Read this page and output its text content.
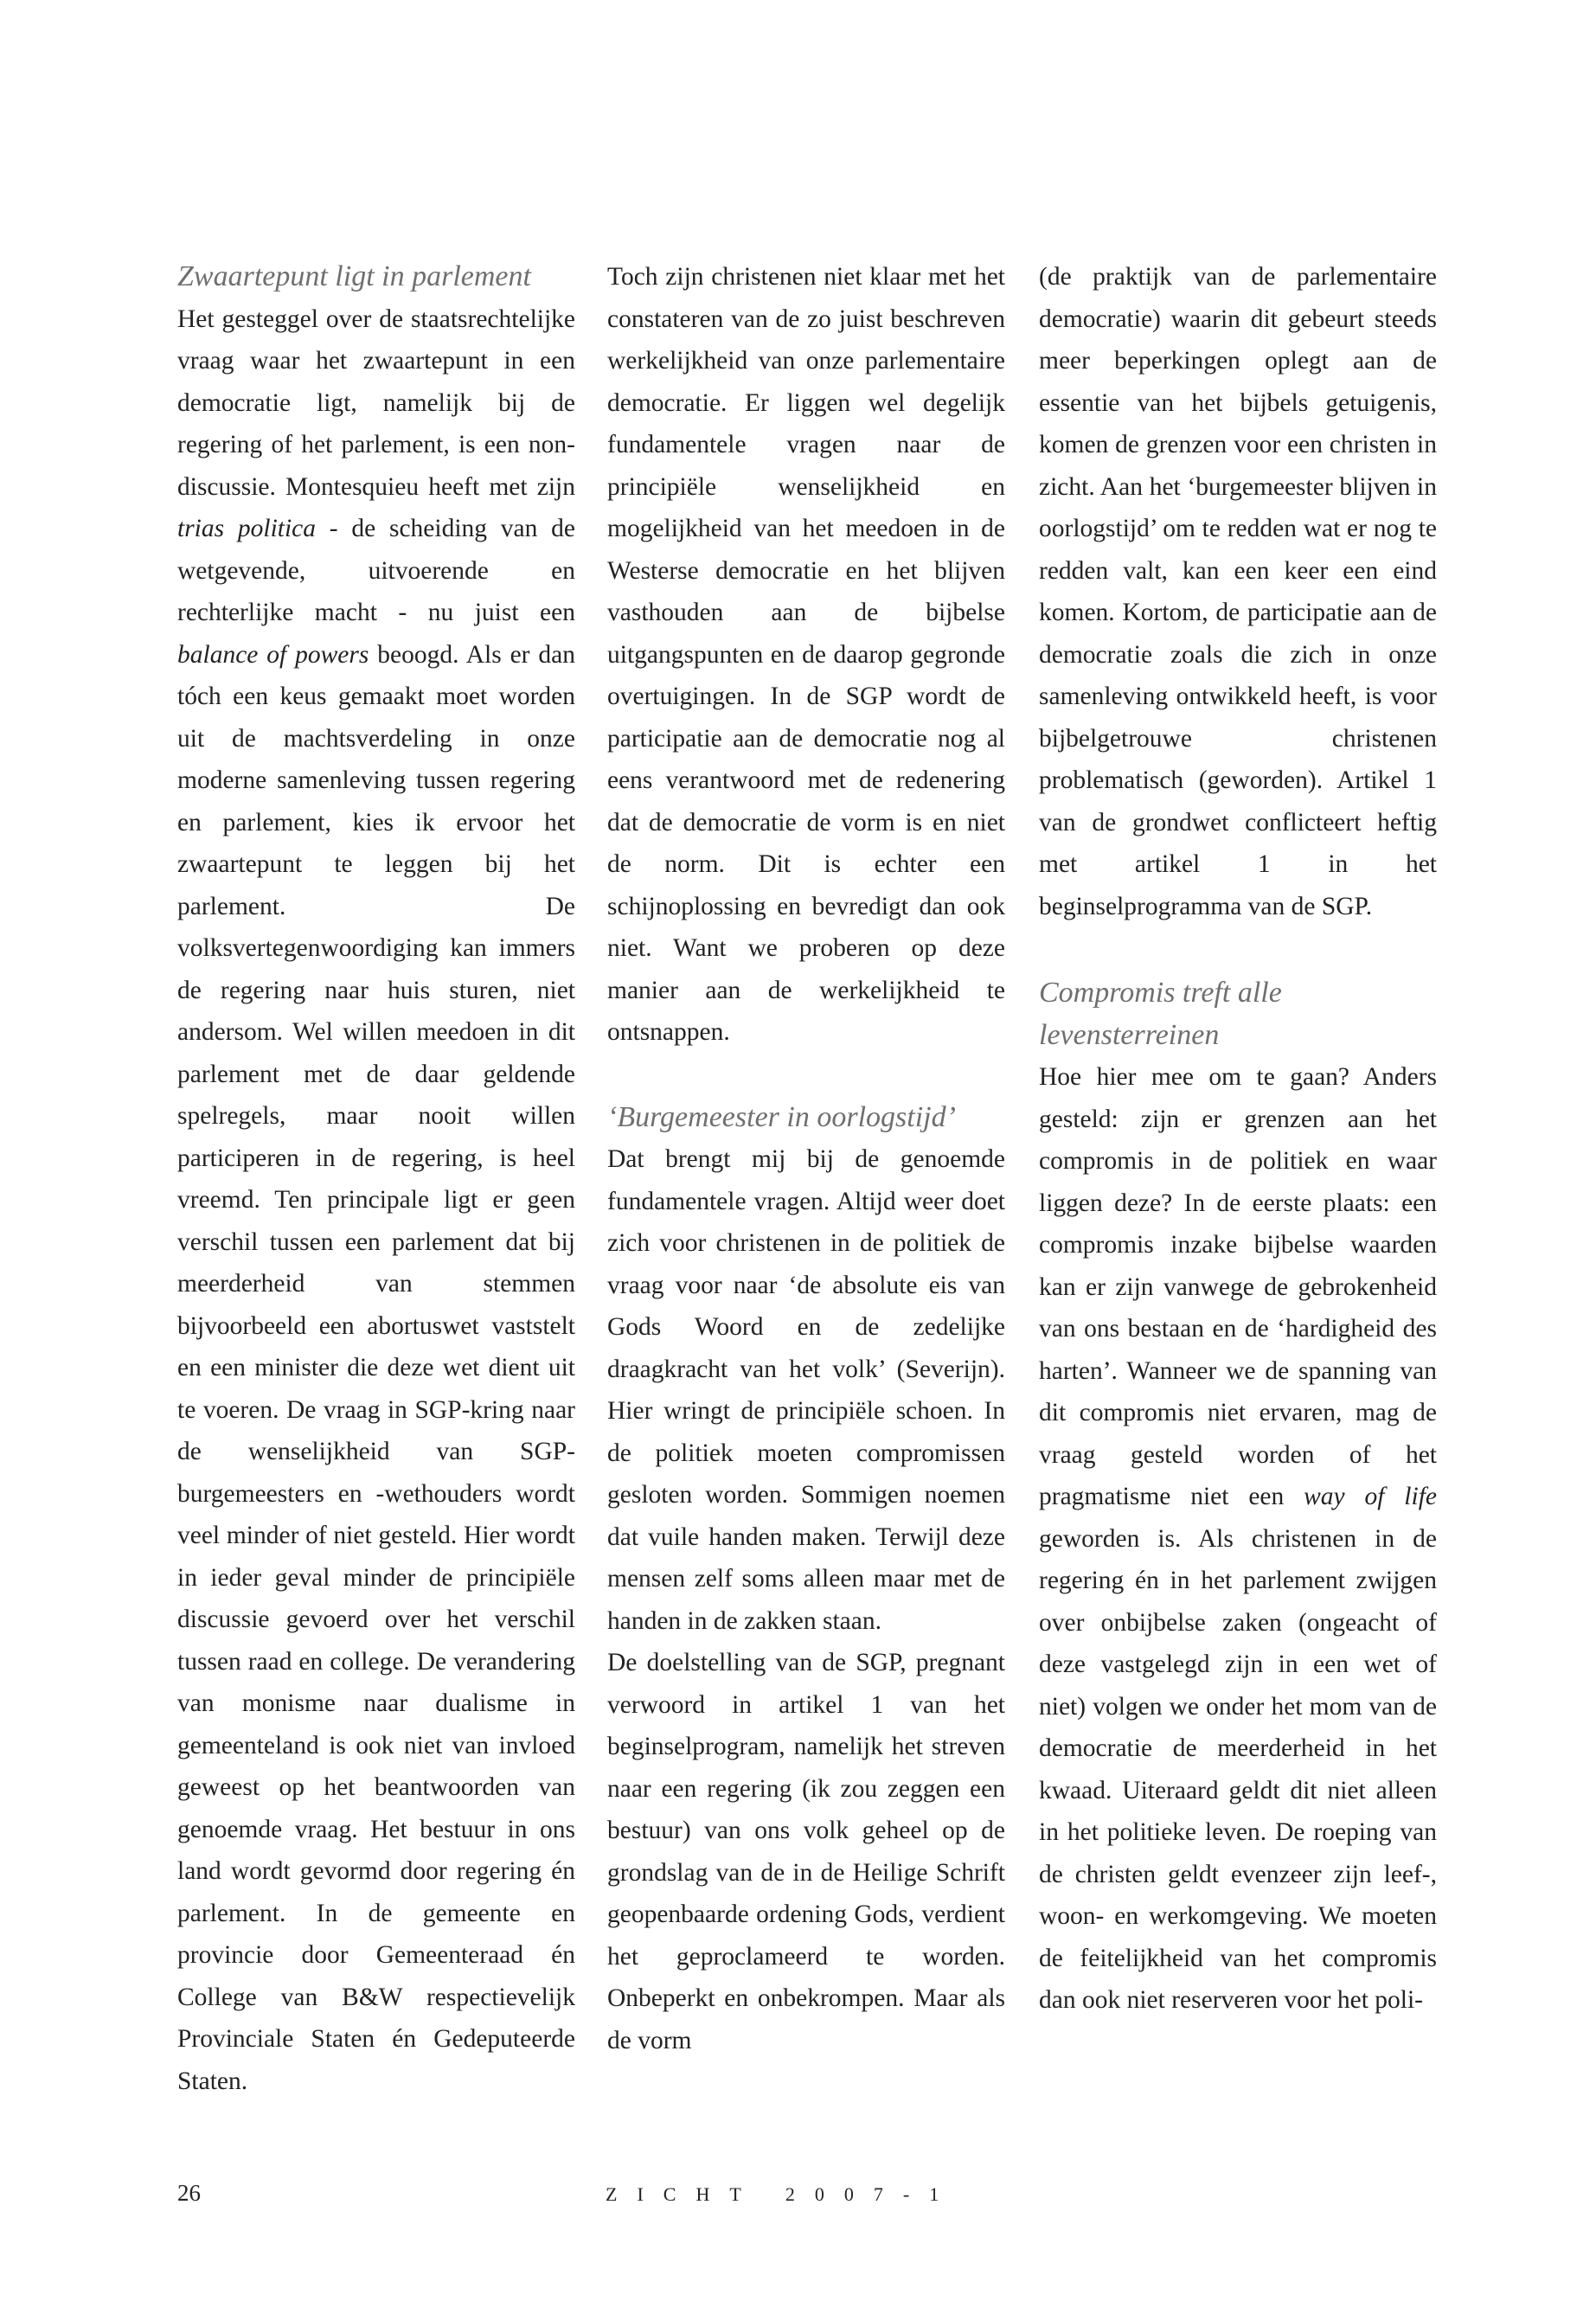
Zwaartepunt ligt in parlement

Het gesteggel over de staatsrechtelijke vraag waar het zwaartepunt in een democratie ligt, namelijk bij de regering of het parlement, is een non-discussie. Montesquieu heeft met zijn trias politica - de scheiding van de wetgevende, uitvoerende en rechterlijke macht - nu juist een balance of powers beoogd. Als er dan tóch een keus gemaakt moet worden uit de machtsverdeling in onze moderne samenleving tussen regering en parlement, kies ik ervoor het zwaartepunt te leggen bij het parlement. De volksvertegenwoordiging kan immers de regering naar huis sturen, niet andersom. Wel willen meedoen in dit parlement met de daar geldende spelregels, maar nooit willen participeren in de regering, is heel vreemd. Ten principale ligt er geen verschil tussen een parlement dat bij meerderheid van stemmen bijvoorbeeld een abortuswet vaststelt en een minister die deze wet dient uit te voeren. De vraag in SGP-kring naar de wenselijkheid van SGP-burgemeesters en -wethouders wordt veel minder of niet gesteld. Hier wordt in ieder geval minder de principiële discussie gevoerd over het verschil tussen raad en college. De verandering van monisme naar dualisme in gemeenteland is ook niet van invloed geweest op het beantwoorden van genoemde vraag. Het bestuur in ons land wordt gevormd door regering én parlement. In de gemeente en provincie door Gemeenteraad én College van B&W respectievelijk Provinciale Staten én Gedeputeerde Staten.

Toch zijn christenen niet klaar met het constateren van de zo juist beschreven werkelijkheid van onze parlementaire democratie. Er liggen wel degelijk fundamentele vragen naar de principiële wenselijkheid en mogelijkheid van het meedoen in de Westerse democratie en het blijven vasthouden aan de bijbelse uitgangspunten en de daarop gegronde overtuigingen. In de SGP wordt de participatie aan de democratie nog al eens verantwoord met de redenering dat de democratie de vorm is en niet de norm. Dit is echter een schijnoplossing en bevredigt dan ook niet. Want we proberen op deze manier aan de werkelijkheid te ontsnappen.

‘Burgemeester in oorlogstijd’

Dat brengt mij bij de genoemde fundamentele vragen. Altijd weer doet zich voor christenen in de politiek de vraag voor naar ‘de absolute eis van Gods Woord en de zedelijke draagkracht van het volk’ (Severijn). Hier wringt de principiële schoen. In de politiek moeten compromissen gesloten worden. Sommigen noemen dat vuile handen maken. Terwijl deze mensen zelf soms alleen maar met de handen in de zakken staan.

De doelstelling van de SGP, pregnant verwoord in artikel 1 van het beginselprogram, namelijk het streven naar een regering (ik zou zeggen een bestuur) van ons volk geheel op de grondslag van de in de Heilige Schrift geopenbaarde ordening Gods, verdient het geproclameerd te worden. Onbeperkt en onbekrompen. Maar als de vorm

(de praktijk van de parlementaire democratie) waarin dit gebeurt steeds meer beperkingen oplegt aan de essentie van het bijbels getuigenis, komen de grenzen voor een christen in zicht. Aan het ‘burgemeester blijven in oorlogstijd’ om te redden wat er nog te redden valt, kan een keer een eind komen. Kortom, de participatie aan de democratie zoals die zich in onze samenleving ontwikkeld heeft, is voor bijbelgetrouwe christenen problematisch (geworden). Artikel 1 van de grondwet conflicteert heftig met artikel 1 in het beginselprogramma van de SGP.

Compromis treft alle levensterreinen

Hoe hier mee om te gaan? Anders gesteld: zijn er grenzen aan het compromis in de politiek en waar liggen deze? In de eerste plaats: een compromis inzake bijbelse waarden kan er zijn vanwege de gebrokenheid van ons bestaan en de ‘hardigheid des harten’. Wanneer we de spanning van dit compromis niet ervaren, mag de vraag gesteld worden of het pragmatisme niet een way of life geworden is. Als christenen in de regering én in het parlement zwijgen over onbijbelse zaken (ongeacht of deze vastgelegd zijn in een wet of niet) volgen we onder het mom van de democratie de meerderheid in het kwaad. Uiteraard geldt dit niet alleen in het politieke leven. De roeping van de christen geldt evenzeer zijn leef-, woon- en werkomgeving. We moeten de feitelijkheid van het compromis dan ook niet reserveren voor het poli-

26	ZICHT 2007-1
